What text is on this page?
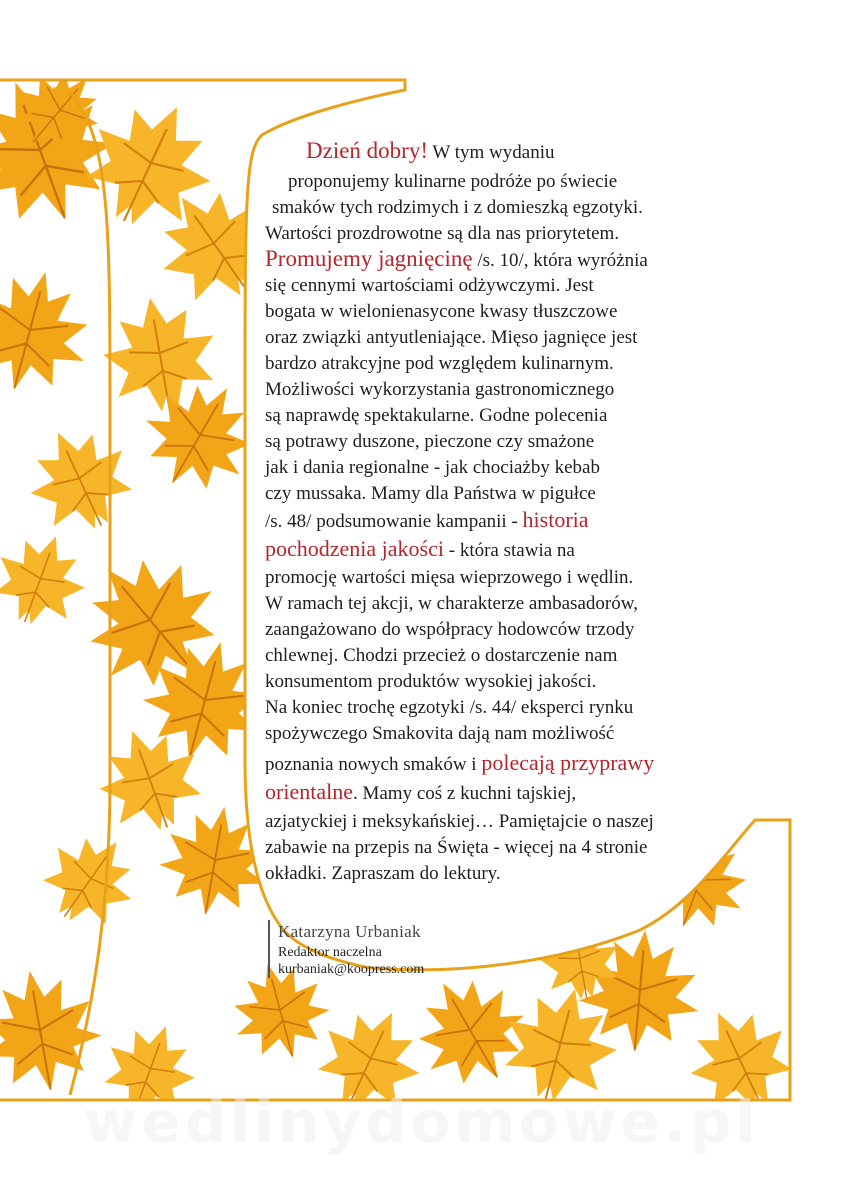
Dzień dobry! W tym wydaniu
proponujemy kulinarne podróże po świecie
smaków tych rodzimych i z domieszką egzotyki.
Wartości prozdrowotne są dla nas priorytetem.
Promujemy jagnięcinę /s. 10/, która wyróżnia
się cennymi wartościami odżywczymi. Jest
bogata w wielonienasycone kwasy tłuszczowe
oraz związki antyutleniające. Mięso jagnięce jest
bardzo atrakcyjne pod względem kulinarnym.
Możliwości wykorzystania gastronomicznego
są naprawdę spektakularne. Godne polecenia
są potrawy duszone, pieczone czy smażone
jak i dania regionalne - jak chociażby kebab
czy mussaka. Mamy dla Państwa w pigułce
/s. 48/ podsumowanie kampanii - historia
pochodzenia jakości - która stawia na
promocję wartości mięsa wieprzowego i wędlin.
W ramach tej akcji, w charakterze ambasadorów,
zaangażowano do współpracy hodowców trzody
chlewnej. Chodzi przecież o dostarczenie nam
konsumentom produktów wysokiej jakości.
Na koniec trochę egzotyki /s. 44/ eksperci rynku
spożywczego Smakovita dają nam możliwość
poznania nowych smaków i polecają przyprawy
orientalne. Mamy coś z kuchni tajskiej,
azjatyckiej i meksykańskiej… Pamiętajcie o naszej
zabawie na przepis na Święta - więcej na 4 stronie
okładki. Zapraszam do lektury.
Katarzyna Urbaniak
Redaktor naczelna
kurbaniak@koopress.com
wedlinydomowe.pl
